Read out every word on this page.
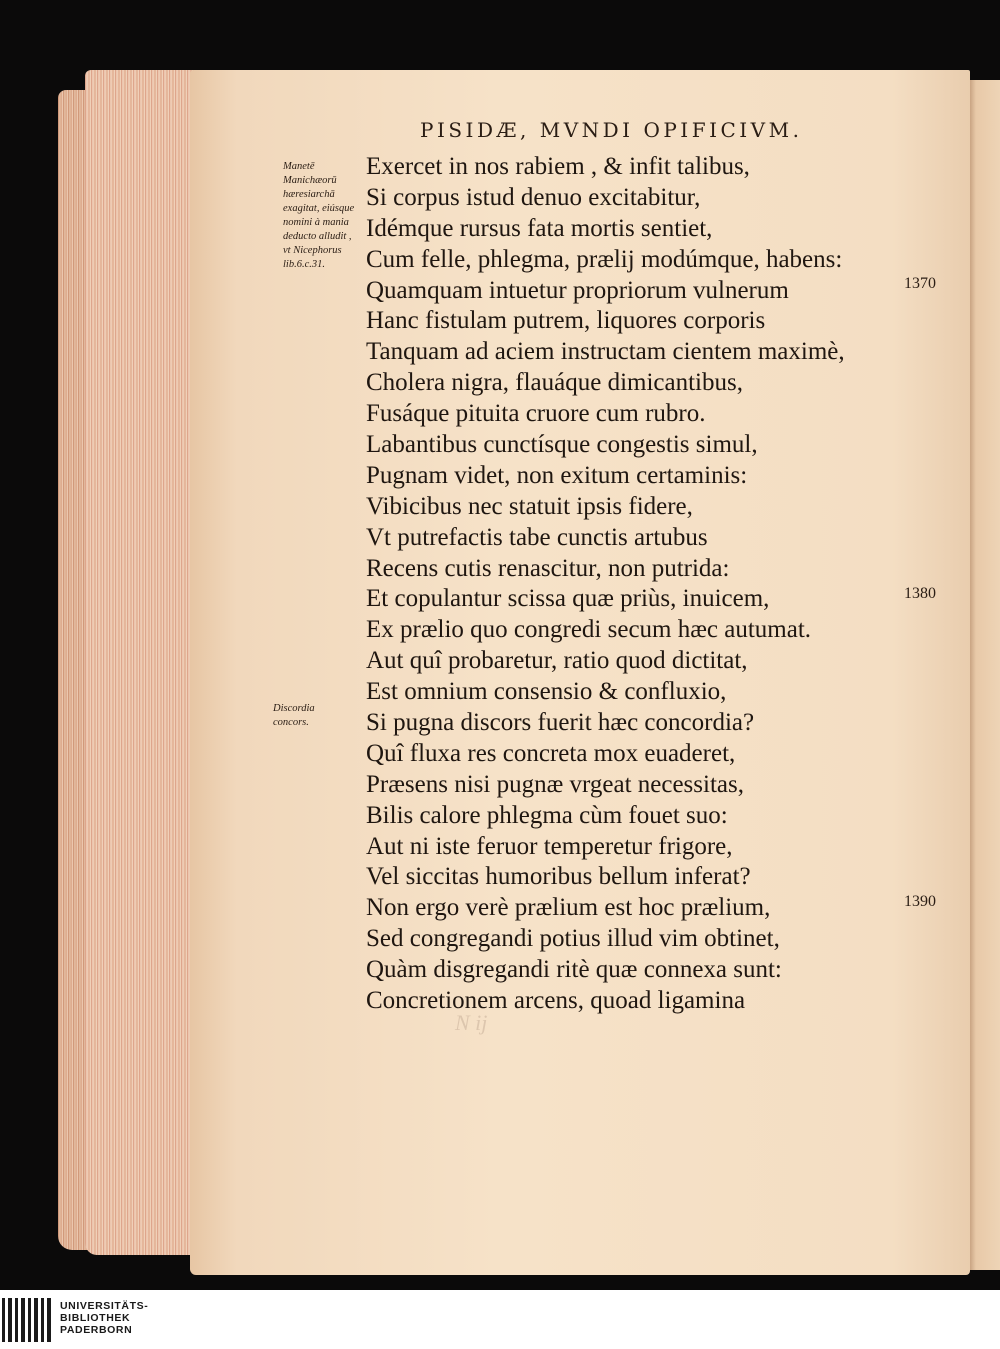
PISIDÆ, MVNDI OPIFICIVM.
Manetē Manichæorū hæresiarchā exagitat, eiúsque nomini à mania deducto alludit , vt Nicephorus lib.6.c.31.
Discordia concors.
Exercet in nos rabiem , & infit talibus,
Si corpus istud denuo excitabitur,
Idémque rursus fata mortis sentiet,
Cum felle, phlegma, prælij modúmque, habens:
Quamquam intuetur propriorum vulnerum
Hanc fistulam putrem, liquores corporis
Tanquam ad aciem instructam cientem maximè,
Cholera nigra, flauáque dimicantibus,
Fusáque pituita cruore cum rubro.
Labantibus cunctísque congestis simul,
Pugnam videt, non exitum certaminis:
Vibicibus nec statuit ipsis fidere,
Vt putrefactis tabe cunctis artubus
Recens cutis renascitur, non putrida:
Et copulantur scissa quæ priùs, inuicem,
Ex prælio quo congredi secum hæc autumat.
Aut quî probaretur, ratio quod dictitat,
Est omnium consensio & confluxio,
Si pugna discors fuerit hæc concordia?
Quî fluxa res concreta mox euaderet,
Præsens nisi pugnæ vrgeat necessitas,
Bilis calore phlegma cùm fouet suo:
Aut ni iste feruor temperetur frigore,
Vel siccitas humoribus bellum inferat?
Non ergo verè prælium est hoc prælium,
Sed congregandi potius illud vim obtinet,
Quàm disgregandi ritè quæ connexa sunt:
Concretionem arcens, quoad ligamina
1370
1380
1390
N ij
UNIVERSITÄTS-
BIBLIOTHEK
PADERBORN
